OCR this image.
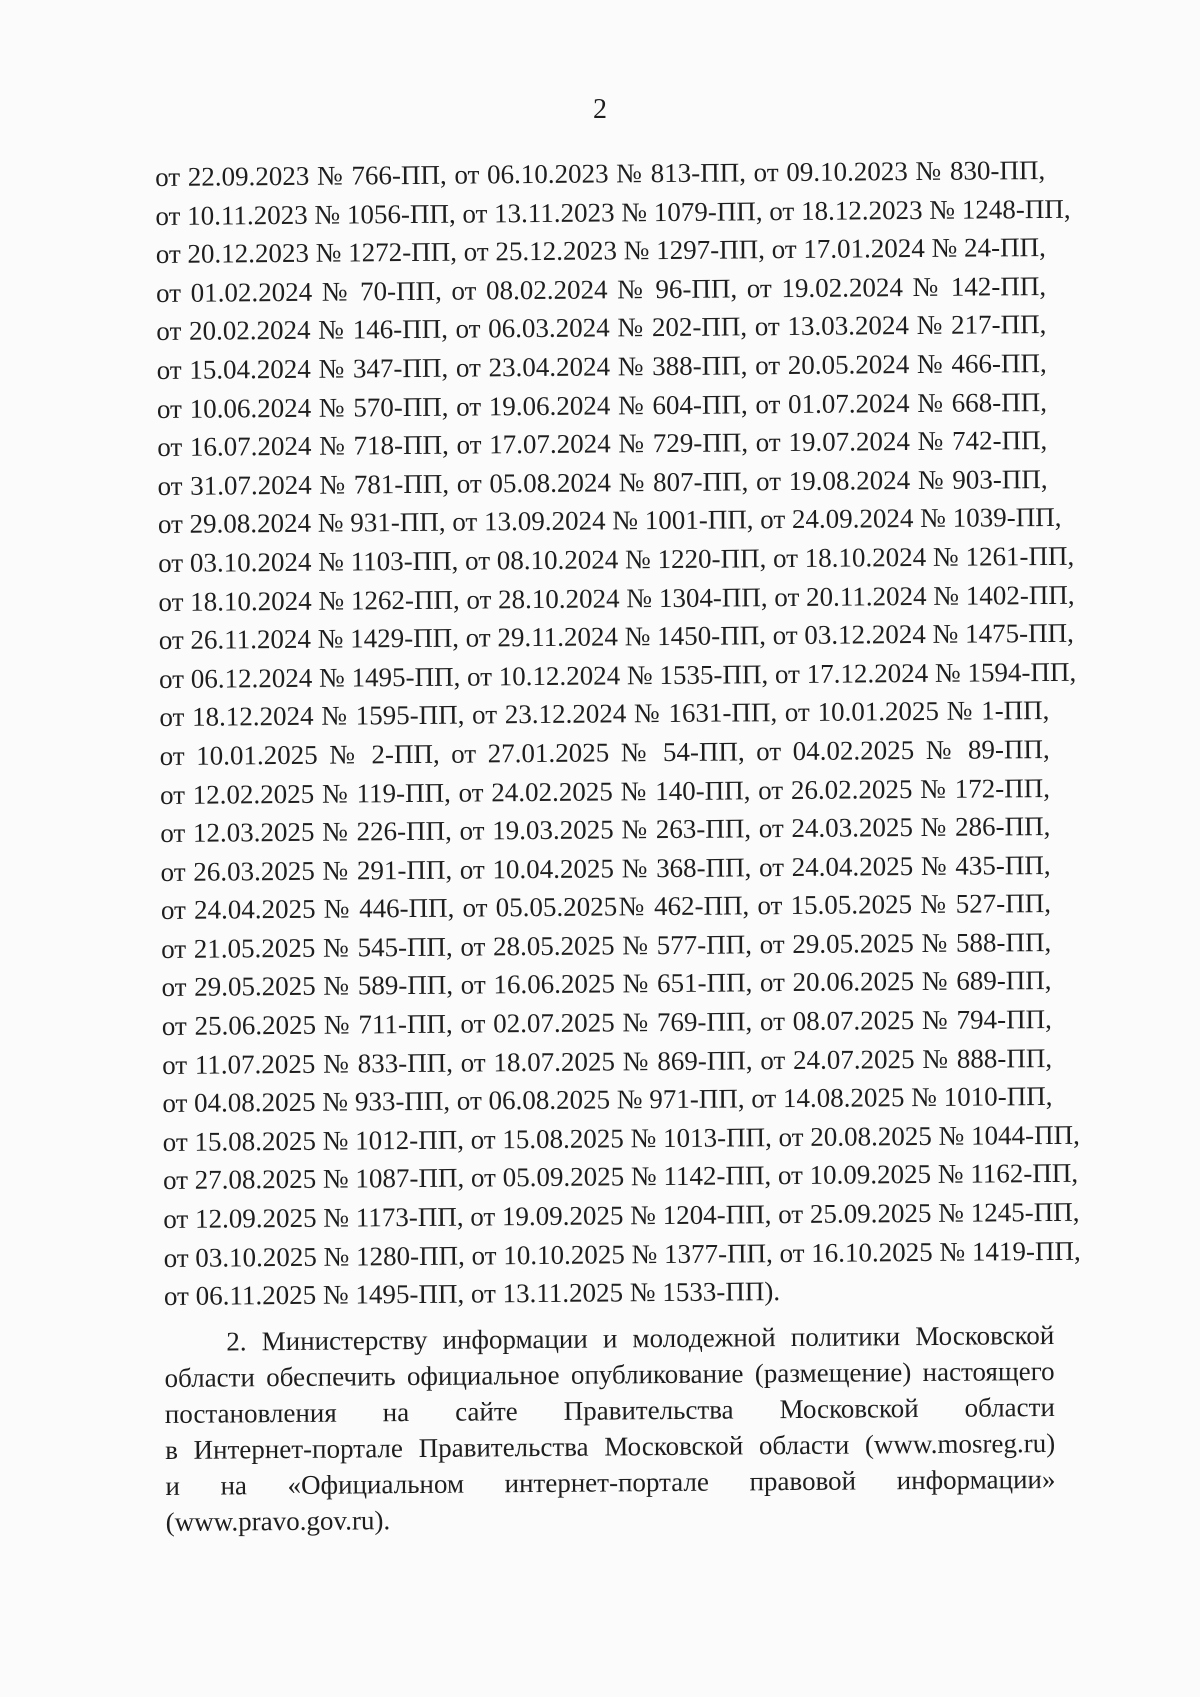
2
от 22.09.2023 № 766-ПП, от 06.10.2023 № 813-ПП, от 09.10.2023 № 830-ПП,
от 10.11.2023 № 1056-ПП, от 13.11.2023 № 1079-ПП, от 18.12.2023 № 1248-ПП,
от 20.12.2023 № 1272-ПП, от 25.12.2023 № 1297-ПП, от 17.01.2024 № 24-ПП,
от 01.02.2024 № 70-ПП, от 08.02.2024 № 96-ПП, от 19.02.2024 № 142-ПП,
от 20.02.2024 № 146-ПП, от 06.03.2024 № 202-ПП, от 13.03.2024 № 217-ПП,
от 15.04.2024 № 347-ПП, от 23.04.2024 № 388-ПП, от 20.05.2024 № 466-ПП,
от 10.06.2024 № 570-ПП, от 19.06.2024 № 604-ПП, от 01.07.2024 № 668-ПП,
от 16.07.2024 № 718-ПП, от 17.07.2024 № 729-ПП, от 19.07.2024 № 742-ПП,
от 31.07.2024 № 781-ПП, от 05.08.2024 № 807-ПП, от 19.08.2024 № 903-ПП,
от 29.08.2024 № 931-ПП, от 13.09.2024 № 1001-ПП, от 24.09.2024 № 1039-ПП,
от 03.10.2024 № 1103-ПП, от 08.10.2024 № 1220-ПП, от 18.10.2024 № 1261-ПП,
от 18.10.2024 № 1262-ПП, от 28.10.2024 № 1304-ПП, от 20.11.2024 № 1402-ПП,
от 26.11.2024 № 1429-ПП, от 29.11.2024 № 1450-ПП, от 03.12.2024 № 1475-ПП,
от 06.12.2024 № 1495-ПП, от 10.12.2024 № 1535-ПП, от 17.12.2024 № 1594-ПП,
от 18.12.2024 № 1595-ПП, от 23.12.2024 № 1631-ПП, от 10.01.2025 № 1-ПП,
от 10.01.2025 № 2-ПП, от 27.01.2025 № 54-ПП, от 04.02.2025 № 89-ПП,
от 12.02.2025 № 119-ПП, от 24.02.2025 № 140-ПП, от 26.02.2025 № 172-ПП,
от 12.03.2025 № 226-ПП, от 19.03.2025 № 263-ПП, от 24.03.2025 № 286-ПП,
от 26.03.2025 № 291-ПП, от 10.04.2025 № 368-ПП, от 24.04.2025 № 435-ПП,
от 24.04.2025 № 446-ПП, от 05.05.2025№ 462-ПП, от 15.05.2025 № 527-ПП,
от 21.05.2025 № 545-ПП, от 28.05.2025 № 577-ПП, от 29.05.2025 № 588-ПП,
от 29.05.2025 № 589-ПП, от 16.06.2025 № 651-ПП, от 20.06.2025 № 689-ПП,
от 25.06.2025 № 711-ПП, от 02.07.2025 № 769-ПП, от 08.07.2025 № 794-ПП,
от 11.07.2025 № 833-ПП, от 18.07.2025 № 869-ПП, от 24.07.2025 № 888-ПП,
от 04.08.2025 № 933-ПП, от 06.08.2025 № 971-ПП, от 14.08.2025 № 1010-ПП,
от 15.08.2025 № 1012-ПП, от 15.08.2025 № 1013-ПП, от 20.08.2025 № 1044-ПП,
от 27.08.2025 № 1087-ПП, от 05.09.2025 № 1142-ПП, от 10.09.2025 № 1162-ПП,
от 12.09.2025 № 1173-ПП, от 19.09.2025 № 1204-ПП, от 25.09.2025 № 1245-ПП,
от 03.10.2025 № 1280-ПП, от 10.10.2025 № 1377-ПП, от 16.10.2025 № 1419-ПП,
от 06.11.2025 № 1495-ПП, от 13.11.2025 № 1533-ПП).
2. Министерству информации и молодежной политики Московской
области обеспечить официальное опубликование (размещение) настоящего
постановления на сайте Правительства Московской области
в Интернет-портале Правительства Московской области (www.mosreg.ru)
и на «Официальном интернет-портале правовой информации»
(www.pravo.gov.ru).
